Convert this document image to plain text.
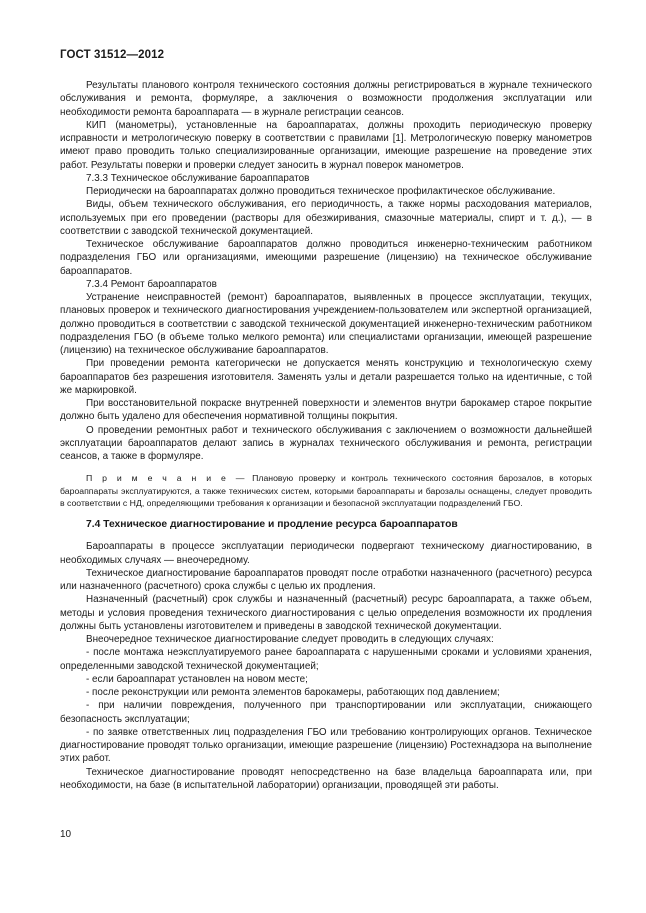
ГОСТ 31512—2012

Результаты планового контроля технического состояния должны регистрироваться в журнале технического обслуживания и ремонта, формуляре, а заключения о возможности продолжения эксплуатации или необходимости ремонта бароаппарата — в журнале регистрации сеансов.

КИП (манометры), установленные на бароаппаратах, должны проходить периодическую проверку исправности и метрологическую поверку в соответствии с правилами [1]. Метрологическую поверку манометров имеют право проводить только специализированные организации, имеющие разрешение на проведение этих работ. Результаты поверки и проверки следует заносить в журнал поверок манометров.

7.3.3 Техническое обслуживание бароаппаратов

Периодически на бароаппаратах должно проводиться техническое профилактическое обслуживание.

Виды, объем технического обслуживания, его периодичность, а также нормы расходования материалов, используемых при его проведении (растворы для обезжиривания, смазочные материалы, спирт и т. д.), — в соответствии с заводской технической документацией.

Техническое обслуживание бароаппаратов должно проводиться инженерно-техническим работником подразделения ГБО или организациями, имеющими разрешение (лицензию) на техническое обслуживание бароаппаратов.

7.3.4 Ремонт бароаппаратов

Устранение неисправностей (ремонт) бароаппаратов, выявленных в процессе эксплуатации, текущих, плановых проверок и технического диагностирования учреждением-пользователем или экспертной организацией, должно проводиться в соответствии с заводской технической документацией инженерно-техническим работником подразделения ГБО (в объеме только мелкого ремонта) или специалистами организации, имеющей разрешение (лицензию) на техническое обслуживание бароаппаратов.

При проведении ремонта категорически не допускается менять конструкцию и технологическую схему бароаппаратов без разрешения изготовителя. Заменять узлы и детали разрешается только на идентичные, с той же маркировкой.

При восстановительной покраске внутренней поверхности и элементов внутри барокамер старое покрытие должно быть удалено для обеспечения нормативной толщины покрытия.

О проведении ремонтных работ и технического обслуживания с заключением о возможности дальнейшей эксплуатации бароаппаратов делают запись в журналах технического обслуживания и ремонта, регистрации сеансов, а также в формуляре.

П р и м е ч а н и е — Плановую проверку и контроль технического состояния барозалов, в которых бароаппараты эксплуатируются, а также технических систем, которыми бароаппараты и барозалы оснащены, следует проводить в соответствии с НД, определяющими требования к организации и безопасной эксплуатации подразделений ГБО.

7.4 Техническое диагностирование и продление ресурса бароаппаратов

Бароаппараты в процессе эксплуатации периодически подвергают техническому диагностированию, в необходимых случаях — внеочередному.

Техническое диагностирование бароаппаратов проводят после отработки назначенного (расчетного) ресурса или назначенного (расчетного) срока службы с целью их продления.

Назначенный (расчетный) срок службы и назначенный (расчетный) ресурс бароаппарата, а также объем, методы и условия проведения технического диагностирования с целью определения возможности их продления должны быть установлены изготовителем и приведены в заводской технической документации.

Внеочередное техническое диагностирование следует проводить в следующих случаях:

- после монтажа неэксплуатируемого ранее бароаппарата с нарушенными сроками и условиями хранения, определенными заводской технической документацией;

- если бароаппарат установлен на новом месте;

- после реконструкции или ремонта элементов барокамеры, работающих под давлением;

- при наличии повреждения, полученного при транспортировании или эксплуатации, снижающего безопасность эксплуатации;

- по заявке ответственных лиц подразделения ГБО или требованию контролирующих органов. Техническое диагностирование проводят только организации, имеющие разрешение (лицензию) Ростехнадзора на выполнение этих работ.

Техническое диагностирование проводят непосредственно на базе владельца бароаппарата или, при необходимости, на базе (в испытательной лаборатории) организации, проводящей эти работы.

10
